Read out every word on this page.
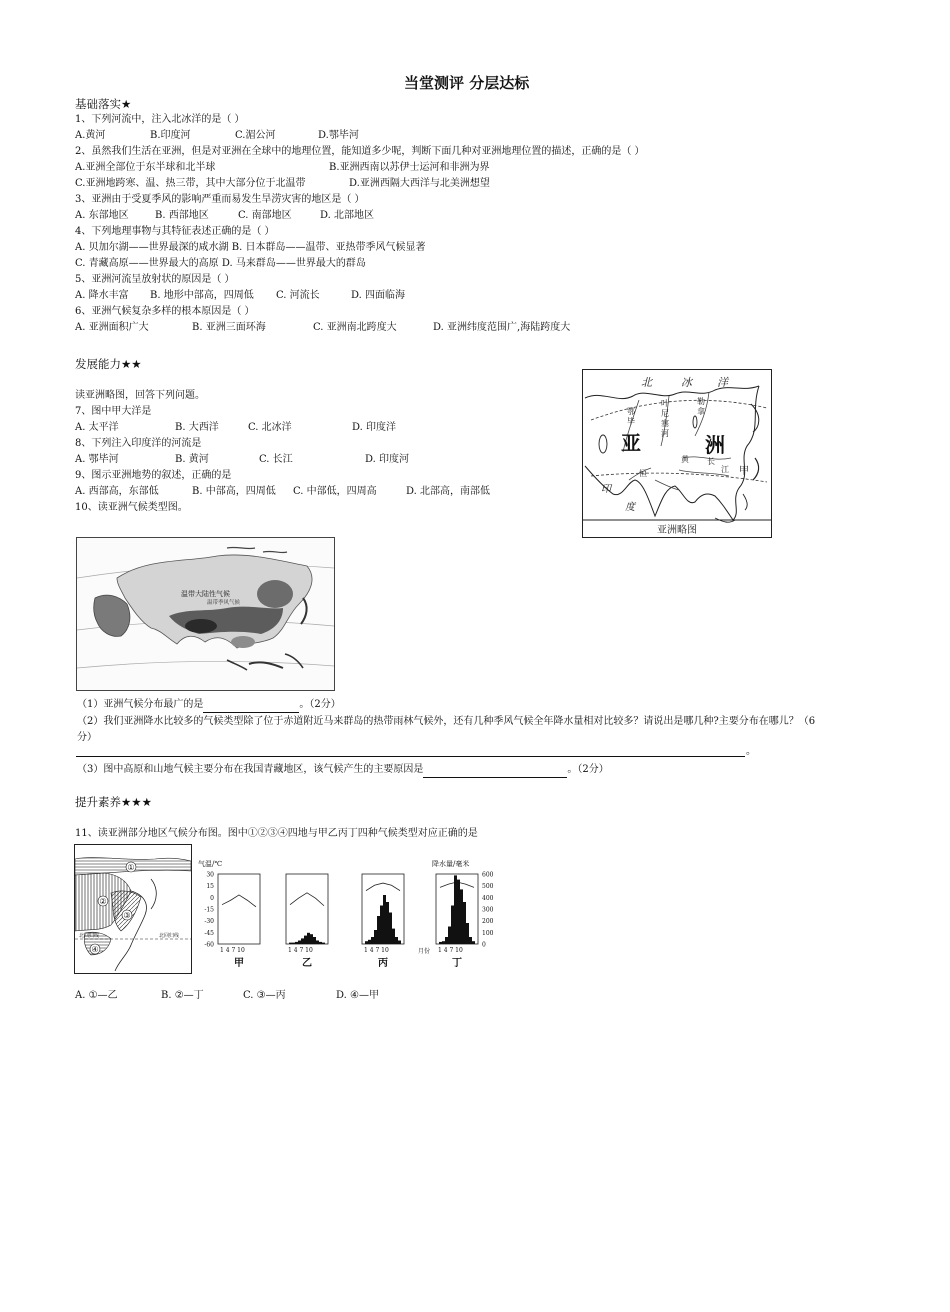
当堂测评 分层达标
基础落实★
1、下列河流中，注入北冰洋的是（ ）
A.黄河	B.印度河	C.湄公河	D.鄂毕河
2、虽然我们生活在亚洲，但是对亚洲在全球中的地理位置，能知道多少呢，判断下面几种对亚洲地理位置的描述，正确的是（ ）
A.亚洲全部位于东半球和北半球	B.亚洲西南以苏伊士运河和非洲为界
C.亚洲地跨寒、温、热三带，其中大部分位于北温带	D.亚洲西隔大西洋与北美洲想望
3、亚洲由于受夏季风的影响严重而易发生旱涝灾害的地区是（ ）
A. 东部地区	B. 西部地区	C. 南部地区	D. 北部地区
4、下列地理事物与其特征表述正确的是（ ）
A. 贝加尔湖——世界最深的咸水湖 B. 日本群岛——温带、亚热带季风气候显著
C. 青藏高原——世界最大的高原 D. 马来群岛——世界最大的群岛
5、亚洲河流呈放射状的原因是（ ）
A. 降水丰富 B. 地形中部高，四周低 C. 河流长	D. 四面临海
6、亚洲气候复杂多样的根本原因是（ ）
A. 亚洲面积广大	B. 亚洲三面环海	C. 亚洲南北跨度大	D. 亚洲纬度范围广,海陆跨度大
发展能力★★
读亚洲略图，回答下列问题。
7、图中甲大洋是
A. 太平洋	B. 大西洋	C. 北冰洋	D. 印度洋
8、下列注入印度洋的河流是
A. 鄂毕河	B. 黄河	C. 长江	D. 印度河
9、图示亚洲地势的叙述，正确的是
A. 西部高，东部低	B. 中部高，四周低 C. 中部低，四周高	D. 北部高，南部低
10、读亚洲气候类型图。
北	冰 洋
叶
尼
塞
河
勒
拿
鄂
毕
黄 长
江
印
度
恒	甲
亚	洲
亚洲略图
温带大陆性气候
温带季风气候
（1）亚洲气候分布最广的是	。（2分）
（2）我们亚洲降水比较多的气候类型除了位于赤道附近马来群岛的热带雨林气候外，还有几种季风气候全年降水量相对比较多？请说出是哪几种?主要分布在哪儿？（6
分）
。
（3）图中高原和山地气候主要分布在我国青藏地区，该气候产生的主要原因是	。（2分）
提升素养★★★
11、读亚洲部分地区气候分布图。图中①②③④四地与甲乙丙丁四种气候类型对应正确的是
①
②
③
④
北回归线	北回归线
气温/℃
30
15
0
-15
-30
-45
-60
降水量/毫米
600
500
400
300
200
100
0
1 4 7 10
甲
1 4 7 10
乙
1 4 7 10
丙
1 4 7 10
丁
月份
A. ①—乙	B. ②—丁	C. ③—丙	D. ④—甲
